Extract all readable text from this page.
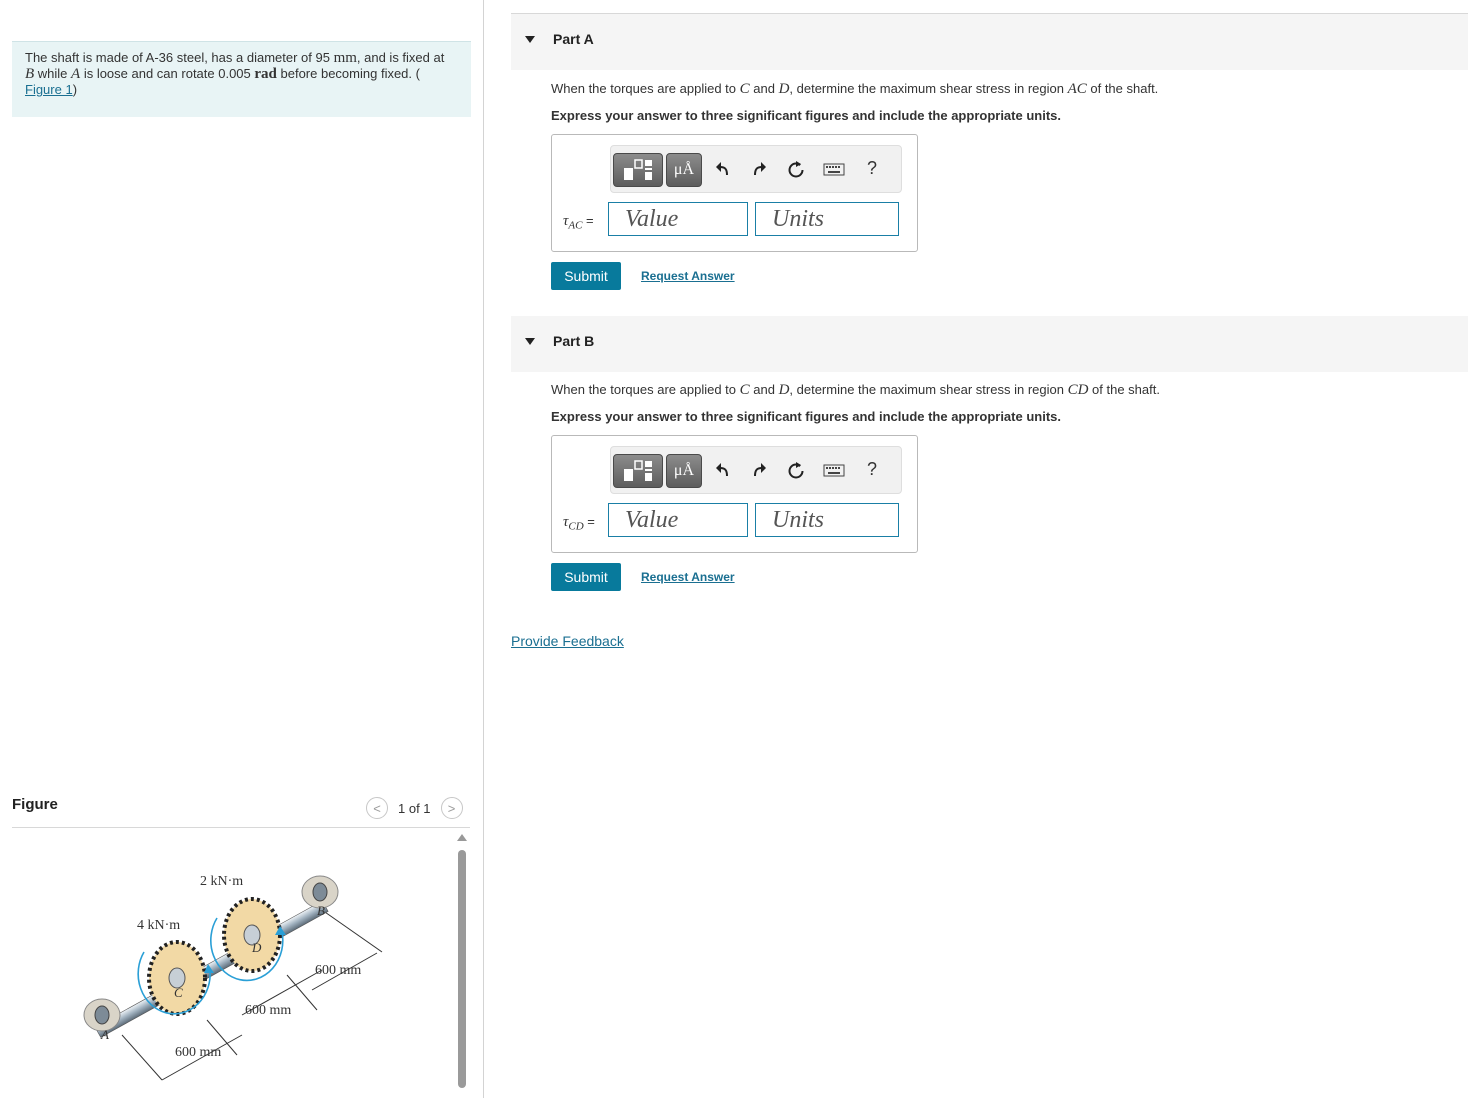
The shaft is made of A-36 steel, has a diameter of 95 mm, and is fixed at
B while A is loose and can rotate 0.005 rad before becoming fixed. (
Figure 1)
Figure	< 1 of 1 >
4 kN·m
2 kN·m
600 mm
600 mm
600 mm
A
B
C
D
Part A
When the torques are applied to C and D, determine the maximum shear stress in region AC of the shaft.
Express your answer to three significant figures and include the appropriate units.
μÅ	?
$\tau_{AC}$ =
Value
Units
Submit	Request Answer
Part B
When the torques are applied to C and D, determine the maximum shear stress in region CD of the shaft.
Express your answer to three significant figures and include the appropriate units.
μÅ	?
$\tau_{CD}$ =
Value
Units
Submit	Request Answer
Provide Feedback
